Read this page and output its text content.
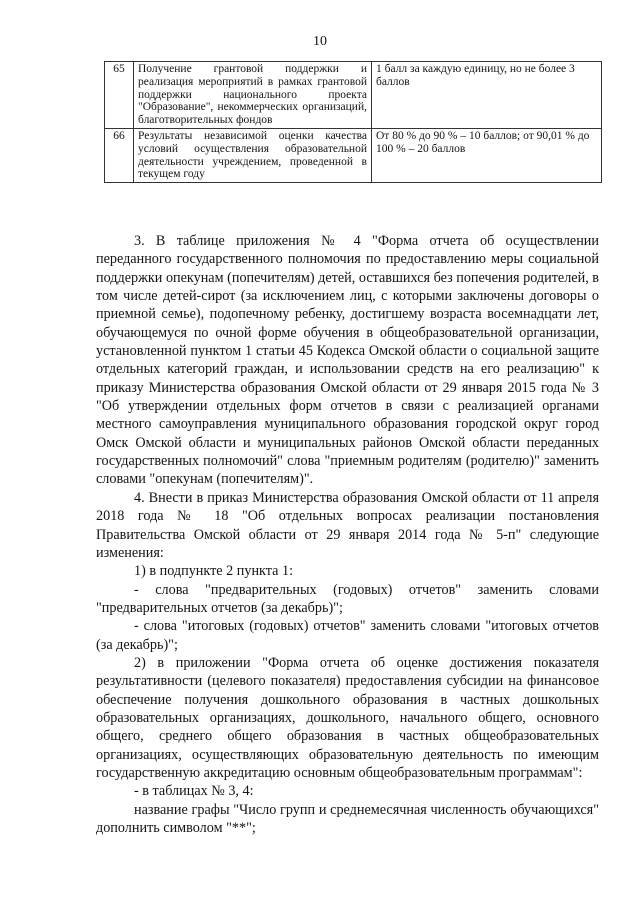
10
65	Получение грантовой поддержки и реализация мероприятий в рамках грантовой поддержки национального проекта "Образование", некоммерческих организаций, благотворительных фондов	1 балл за каждую единицу, но не более 3 баллов
66	Результаты независимой оценки качества условий осуществления образовательной деятельности учреждением, проведенной в текущем году	От 80 % до 90 % – 10 баллов; от 90,01 % до 100 % – 20 баллов

3. В таблице приложения № 4 "Форма отчета об осуществлении переданного государственного полномочия по предоставлению меры социальной поддержки опекунам (попечителям) детей, оставшихся без попечения родителей, в том числе детей-сирот (за исключением лиц, с которыми заключены договоры о приемной семье), подопечному ребенку, достигшему возраста восемнадцати лет, обучающемуся по очной форме обучения в общеобразовательной организации, установленной пунктом 1 статьи 45 Кодекса Омской области о социальной защите отдельных категорий граждан, и использовании средств на его реализацию" к приказу Министерства образования Омской области от 29 января 2015 года № 3 "Об утверждении отдельных форм отчетов в связи с реализацией органами местного самоуправления муниципального образования городской округ город Омск Омской области и муниципальных районов Омской области переданных государственных полномочий" слова "приемным родителям (родителю)" заменить словами "опекунам (попечителям)".

4. Внести в приказ Министерства образования Омской области от 11 апреля 2018 года № 18 "Об отдельных вопросах реализации постановления Правительства Омской области от 29 января 2014 года № 5-п" следующие изменения:

1) в подпункте 2 пункта 1:

- слова "предварительных (годовых) отчетов" заменить словами "предварительных отчетов (за декабрь)";

- слова "итоговых (годовых) отчетов" заменить словами "итоговых отчетов (за декабрь)";

2) в приложении "Форма отчета об оценке достижения показателя результативности (целевого показателя) предоставления субсидии на финансовое обеспечение получения дошкольного образования в частных дошкольных образовательных организациях, дошкольного, начального общего, основного общего, среднего общего образования в частных общеобразовательных организациях, осуществляющих образовательную деятельность по имеющим государственную аккредитацию основным общеобразовательным программам":

- в таблицах № 3, 4:

название графы "Число групп и среднемесячная численность обучающихся" дополнить символом "**";
